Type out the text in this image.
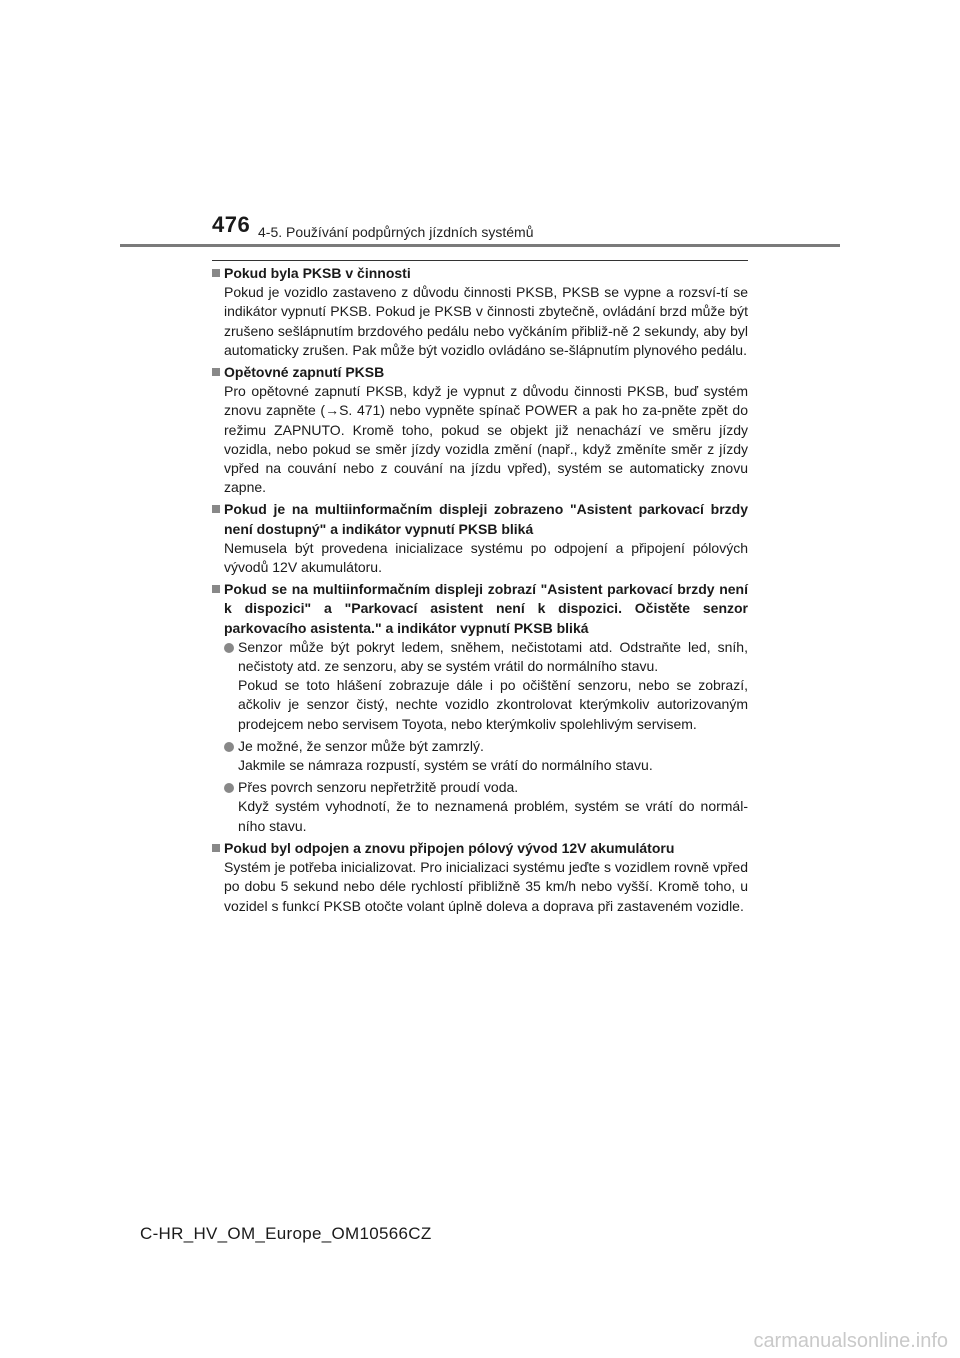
476 4-5. Používání podpůrných jízdních systémů
Pokud byla PKSB v činnosti
Pokud je vozidlo zastaveno z důvodu činnosti PKSB, PKSB se vypne a rozsví-tí se indikátor vypnutí PKSB. Pokud je PKSB v činnosti zbytečně, ovládání brzd může být zrušeno sešlápnutím brzdového pedálu nebo vyčkáním přibliž-ně 2 sekundy, aby byl automaticky zrušen. Pak může být vozidlo ovládáno se-šlápnutím plynového pedálu.
Opětovné zapnutí PKSB
Pro opětovné zapnutí PKSB, když je vypnut z důvodu činnosti PKSB, buď systém znovu zapněte (→S. 471) nebo vypněte spínač POWER a pak ho za-pněte zpět do režimu ZAPNUTO. Kromě toho, pokud se objekt již nenachází ve směru jízdy vozidla, nebo pokud se směr jízdy vozidla změní (např., když změníte směr z jízdy vpřed na couvání nebo z couvání na jízdu vpřed), systém se automaticky znovu zapne.
Pokud je na multiinformačním displeji zobrazeno "Asistent parkovací brzdy není dostupný" a indikátor vypnutí PKSB bliká
Nemusela být provedena inicializace systému po odpojení a připojení pólových vývodů 12V akumulátoru.
Pokud se na multiinformačním displeji zobrazí "Asistent parkovací brzdy není k dispozici" a "Parkovací asistent není k dispozici. Očistěte senzor parkovacího asistenta." a indikátor vypnutí PKSB bliká

Senzor může být pokryt ledem, sněhem, nečistotami atd. Odstraňte led, sníh, nečistoty atd. ze senzoru, aby se systém vrátil do normálního stavu.

Pokud se toto hlášení zobrazuje dále i po očištění senzoru, nebo se zobrazí, ačkoliv je senzor čistý, nechte vozidlo zkontrolovat kterýmkoliv autorizovaným prodejcem nebo servisem Toyota, nebo kterýmkoliv spolehlivým servisem.

Je možné, že senzor může být zamrzlý.

Jakmile se námraza rozpustí, systém se vrátí do normálního stavu.

Přes povrch senzoru nepřetržitě proudí voda.

Když systém vyhodnotí, že to neznamená problém, systém se vrátí do normál-ního stavu.

Pokud byl odpojen a znovu připojen pólový vývod 12V akumulátoru
Systém je potřeba inicializovat. Pro inicializaci systému jeďte s vozidlem rovně vpřed po dobu 5 sekund nebo déle rychlostí přibližně 35 km/h nebo vyšší. Kromě toho, u vozidel s funkcí PKSB otočte volant úplně doleva a doprava při zastaveném vozidle.
C-HR_HV_OM_Europe_OM10566CZ
carmanualsonline.info
